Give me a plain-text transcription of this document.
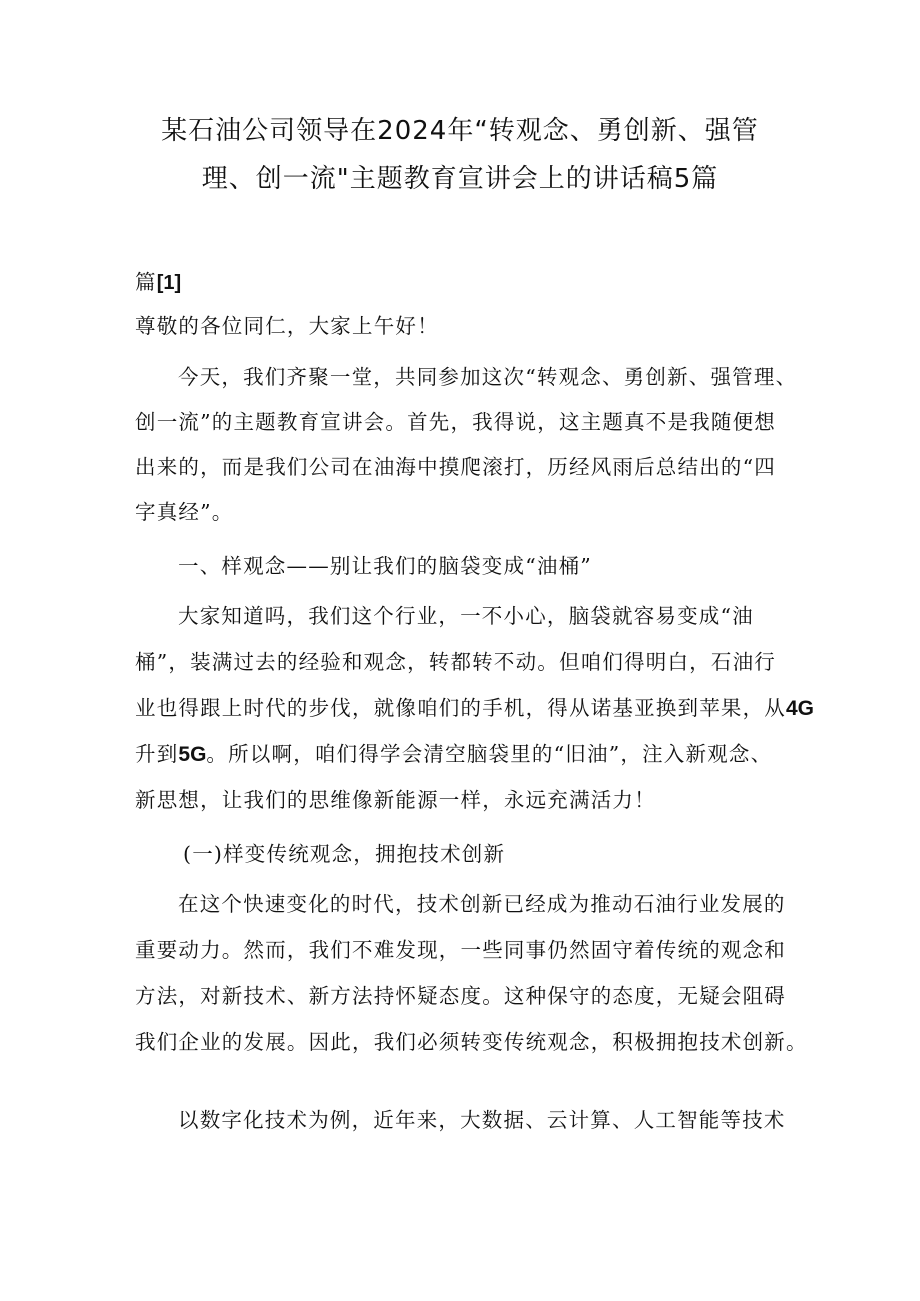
某石油公司领导在2024年“转观念、勇创新、强管
理、创一流"主题教育宣讲会上的讲话稿5篇
篇[1]
尊敬的各位同仁，大家上午好！
今天，我们齐聚一堂，共同参加这次“转观念、勇创新、强管理、
创一流”的主题教育宣讲会。首先，我得说，这主题真不是我随便想
出来的，而是我们公司在油海中摸爬滚打，历经风雨后总结出的“四
字真经”。
一、样观念——别让我们的脑袋变成“油桶”
大家知道吗，我们这个行业，一不小心，脑袋就容易变成“油
桶”，装满过去的经验和观念，转都转不动。但咱们得明白，石油行
业也得跟上时代的步伐，就像咱们的手机，得从诺基亚换到苹果，从4G
升到5G。所以啊，咱们得学会清空脑袋里的“旧油”，注入新观念、
新思想，让我们的思维像新能源一样，永远充满活力！
(一)样变传统观念，拥抱技术创新
在这个快速变化的时代，技术创新已经成为推动石油行业发展的
重要动力。然而，我们不难发现，一些同事仍然固守着传统的观念和
方法，对新技术、新方法持怀疑态度。这种保守的态度，无疑会阻碍
我们企业的发展。因此，我们必须转变传统观念，积极拥抱技术创新。
以数字化技术为例，近年来，大数据、云计算、人工智能等技术
